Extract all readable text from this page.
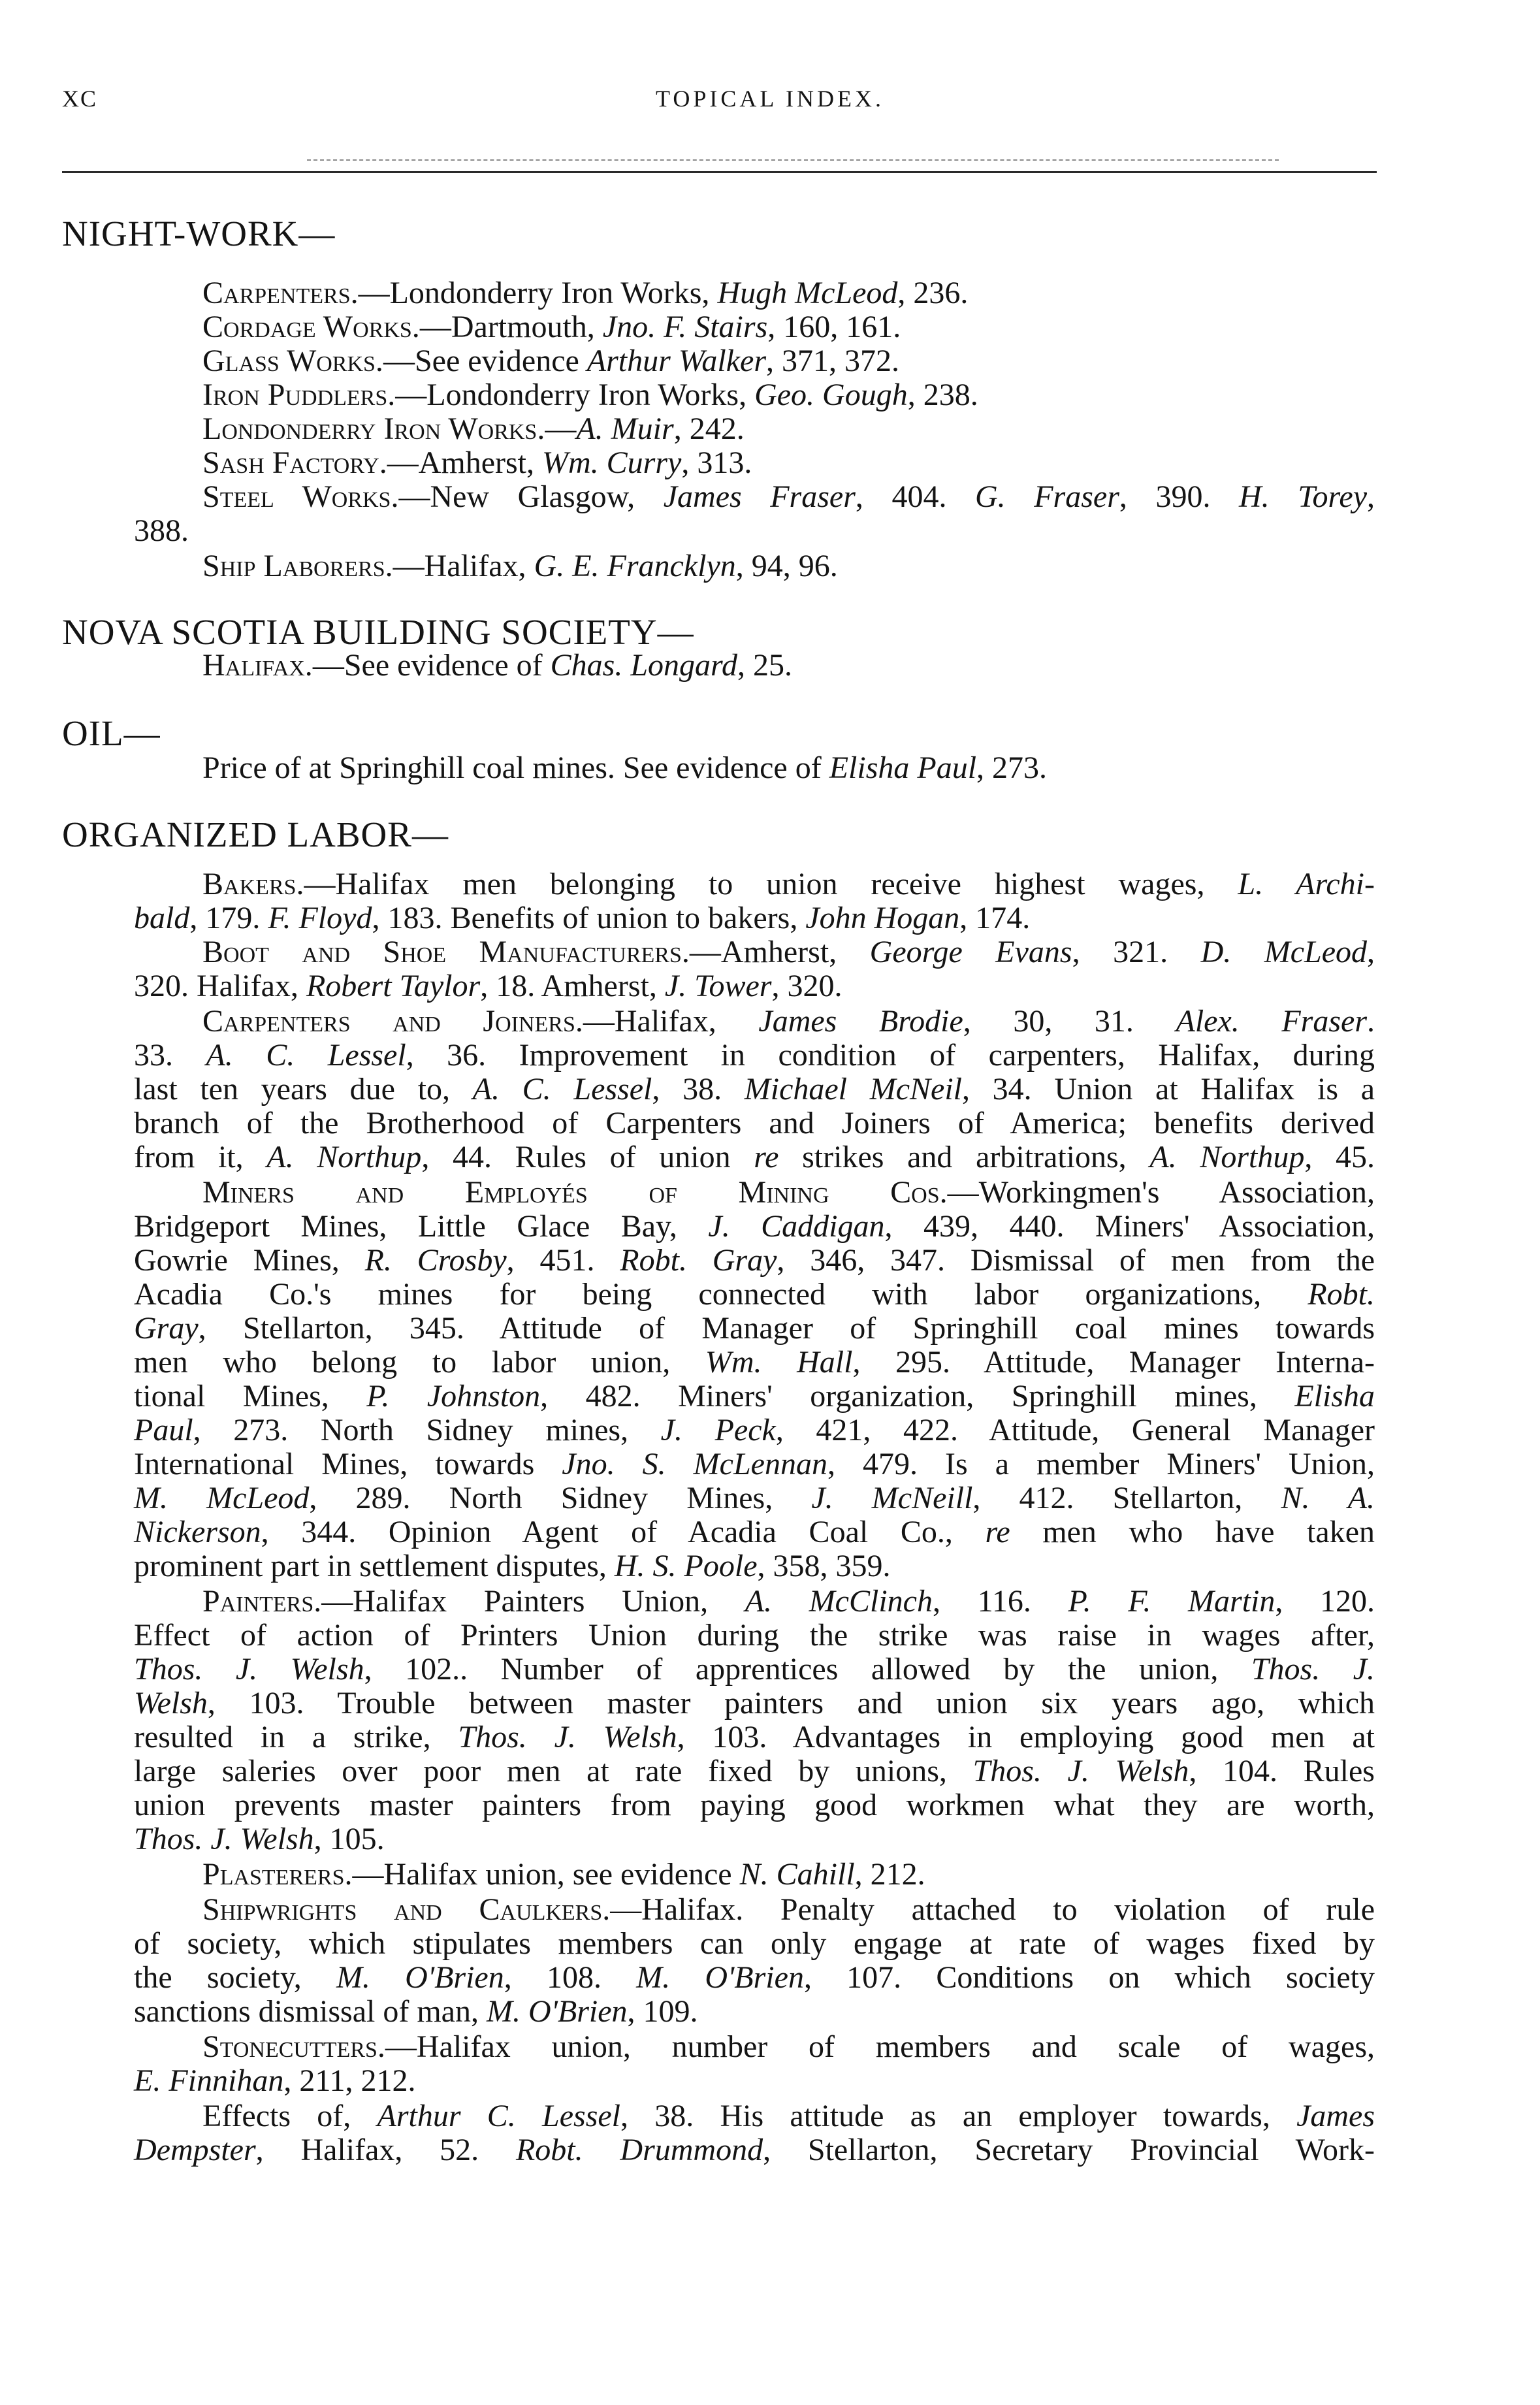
XC	TOPICAL INDEX.
NIGHT-WORK—
NOVA SCOTIA BUILDING SOCIETY—
OIL—
ORGANIZED LABOR—
Carpenters.—Londonderry Iron Works, Hugh McLeod, 236.
Cordage Works.—Dartmouth, Jno. F. Stairs, 160, 161.
Glass Works.—See evidence Arthur Walker, 371, 372.
Iron Puddlers.—Londonderry Iron Works, Geo. Gough, 238.
Londonderry Iron Works.—A. Muir, 242.
Sash Factory.—Amherst, Wm. Curry, 313.
Steel Works.—New Glasgow, James Fraser, 404. G. Fraser, 390. H. Torey,
388.
Ship Laborers.—Halifax, G. E. Francklyn, 94, 96.
Halifax.—See evidence of Chas. Longard, 25.
Price of at Springhill coal mines. See evidence of Elisha Paul, 273.
Bakers.—Halifax men belonging to union receive highest wages, L. Archi-
bald, 179. F. Floyd, 183. Benefits of union to bakers, John Hogan, 174.
Boot and Shoe Manufacturers.—Amherst, George Evans, 321. D. McLeod,
320. Halifax, Robert Taylor, 18. Amherst, J. Tower, 320.
Carpenters and Joiners.—Halifax, James Brodie, 30, 31. Alex. Fraser.
33. A. C. Lessel, 36. Improvement in condition of carpenters, Halifax, during
last ten years due to, A. C. Lessel, 38. Michael McNeil, 34. Union at Halifax is a
branch of the Brotherhood of Carpenters and Joiners of America; benefits derived
from it, A. Northup, 44. Rules of union re strikes and arbitrations, A. Northup, 45.
Miners and Employés of Mining Cos.—Workingmen's Association,
Bridgeport Mines, Little Glace Bay, J. Caddigan, 439, 440. Miners' Association,
Gowrie Mines, R. Crosby, 451. Robt. Gray, 346, 347. Dismissal of men from the
Acadia Co.'s mines for being connected with labor organizations, Robt.
Gray, Stellarton, 345. Attitude of Manager of Springhill coal mines towards
men who belong to labor union, Wm. Hall, 295. Attitude, Manager Interna-
tional Mines, P. Johnston, 482. Miners' organization, Springhill mines, Elisha
Paul, 273. North Sidney mines, J. Peck, 421, 422. Attitude, General Manager
International Mines, towards Jno. S. McLennan, 479. Is a member Miners' Union,
M. McLeod, 289. North Sidney Mines, J. McNeill, 412. Stellarton, N. A.
Nickerson, 344. Opinion Agent of Acadia Coal Co., re men who have taken
prominent part in settlement disputes, H. S. Poole, 358, 359.
Painters.—Halifax Painters Union, A. McClinch, 116. P. F. Martin, 120.
Effect of action of Printers Union during the strike was raise in wages after,
Thos. J. Welsh, 102.. Number of apprentices allowed by the union, Thos. J.
Welsh, 103. Trouble between master painters and union six years ago, which
resulted in a strike, Thos. J. Welsh, 103. Advantages in employing good men at
large saleries over poor men at rate fixed by unions, Thos. J. Welsh, 104. Rules
union prevents master painters from paying good workmen what they are worth,
Thos. J. Welsh, 105.
Plasterers.—Halifax union, see evidence N. Cahill, 212.
Shipwrights and Caulkers.—Halifax. Penalty attached to violation of rule
of society, which stipulates members can only engage at rate of wages fixed by
the society, M. O'Brien, 108. M. O'Brien, 107. Conditions on which society
sanctions dismissal of man, M. O'Brien, 109.
Stonecutters.—Halifax union, number of members and scale of wages,
E. Finnihan, 211, 212.
Effects of, Arthur C. Lessel, 38. His attitude as an employer towards, James
Dempster, Halifax, 52. Robt. Drummond, Stellarton, Secretary Provincial Work-
